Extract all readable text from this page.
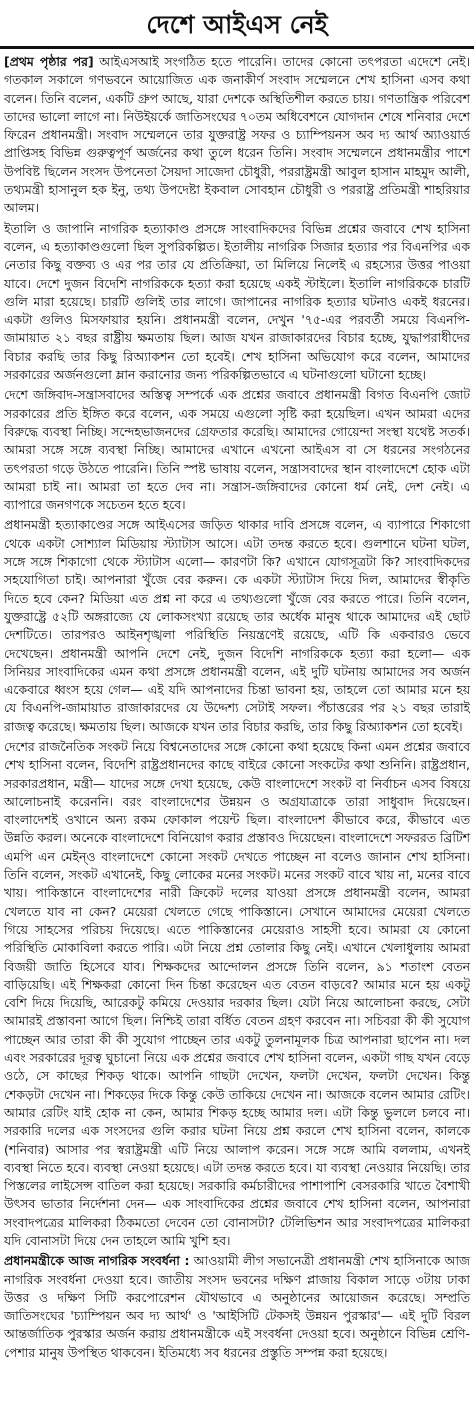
দেশে আইএস নেই

[প্রথম পৃষ্ঠার পর] আইএসআই সংগঠিত হতে পারেনি। তাদের কোনো তৎপরতা এদেশে নেই। গতকাল সকালে গণভবনে আয়োজিত এক জনাকীর্ণ সংবাদ সম্মেলনে শেখ হাসিনা এসব কথা বলেন। তিনি বলেন, একটি গ্রুপ আছে, যারা দেশকে অস্থিতিশীল করতে চায়। গণতান্ত্রিক পরিবেশ তাদের ভালো লাগে না। নিউইয়র্কে জাতিসংঘের ৭০তম অধিবেশনে যোগদান শেষে শনিবার দেশে ফিরেন প্রধানমন্ত্রী। সংবাদ সম্মেলনে তার যুক্তরাষ্ট্র সফর ও চ্যাম্পিয়নস অব দ্য আর্থ অ্যাওয়ার্ড প্রাপ্তিসহ বিভিন্ন গুরুত্বপূর্ণ অর্জনের কথা তুলে ধরেন তিনি। সংবাদ সম্মেলনে প্রধানমন্ত্রীর পাশে উপবিষ্ট ছিলেন সংসদ উপনেতা সৈয়দা সাজেদা চৌধুরী, পররাষ্ট্রমন্ত্রী আবুল হাসান মাহমুদ আলী, তথ্যমন্ত্রী হাসানুল হক ইনু, তথ্য উপদেষ্টা ইকবাল সোবহান চৌধুরী ও পররাষ্ট্র প্রতিমন্ত্রী শাহরিয়ার আলম।

ইতালি ও জাপানি নাগরিক হত্যাকাণ্ড প্রসঙ্গে সাংবাদিকদের বিভিন্ন প্রশ্নের জবাবে শেখ হাসিনা বলেন, এ হত্যাকাণ্ডগুলো ছিল সুপরিকল্পিত। ইতালীয় নাগরিক সিজার হত্যার পর বিএনপির এক নেতার কিছু বক্তব্য ও এর পর তার যে প্রতিক্রিয়া, তা মিলিয়ে নিলেই এ রহস্যের উত্তর পাওয়া যাবে। দেশে দুজন বিদেশি নাগরিককে হত্যা করা হয়েছে একই স্টাইলে। ইতালি নাগরিককে চারটি গুলি মারা হয়েছে। চারটি গুলিই তার লাগে। জাপানের নাগরিক হত্যার ঘটনাও একই ধরনের। একটা গুলিও মিসফায়ার হয়নি। প্রধানমন্ত্রী বলেন, দেখুন '৭৫-এর পরবর্তী সময়ে বিএনপি-জামায়াত ২১ বছর রাষ্ট্রীয় ক্ষমতায় ছিল। আজ যখন রাজাকারদের বিচার হচ্ছে, যুদ্ধাপরাধীদের বিচার করছি তার কিছু রিঅ্যাকশন তো হবেই। শেখ হাসিনা অভিযোগ করে বলেন, আমাদের সরকারের অর্জনগুলো ম্লান করানোর জন্য পরিকল্পিতভাবে এ ঘটনাগুলো ঘটানো হচ্ছে।

দেশে জঙ্গিবাদ-সন্ত্রাসবাদের অস্তিত্ব সম্পর্কে এক প্রশ্নের জবাবে প্রধানমন্ত্রী বিগত বিএনপি জোট সরকারের প্রতি ইঙ্গিত করে বলেন, এক সময়ে এগুলো সৃষ্টি করা হয়েছিল। এখন আমরা এদের বিরুদ্ধে ব্যবস্থা নিচ্ছি। সন্দেহভাজনদের গ্রেফতার করেছি। আমাদের গোয়েন্দা সংস্থা যথেষ্ট সতর্ক। আমরা সঙ্গে সঙ্গে ব্যবস্থা নিচ্ছি। আমাদের এখানে এখনো আইএস বা সে ধরনের সংগঠনের তৎপরতা গড়ে উঠতে পারেনি। তিনি স্পষ্ট ভাষায় বলেন, সন্ত্রাসবাদের স্থান বাংলাদেশে হোক এটা আমরা চাই না। আমরা তা হতে দেব না। সন্ত্রাস-জঙ্গিবাদের কোনো ধর্ম নেই, দেশ নেই। এ ব্যাপারে জনগণকে সচেতন হতে হবে।

প্রধানমন্ত্রী হত্যাকাণ্ডের সঙ্গে আইএসের জড়িত থাকার দাবি প্রসঙ্গে বলেন, এ ব্যাপারে শিকাগো থেকে একটা সোশ্যাল মিডিয়ায় স্ট্যাটাস আসে। এটা তদন্ত করতে হবে। গুলশানে ঘটনা ঘটল, সঙ্গে সঙ্গে শিকাগো থেকে স্ট্যাটাস এলো— কারণটা কি? এখানে যোগসূত্রটা কি? সাংবাদিকদের সহযোগিতা চাই। আপনারা খুঁজে বের করুন। কে একটা স্ট্যাটাস দিয়ে দিল, আমাদের স্বীকৃতি দিতে হবে কেন? মিডিয়া এত প্রশ্ন না করে এ তথ্যগুলো খুঁজে বের করতে পারে। তিনি বলেন, যুক্তরাষ্ট্রে ৫২টি অঙ্গরাজ্যে যে লোকসংখ্যা রয়েছে তার অর্ধেক মানুষ থাকে আমাদের এই ছোট দেশটিতে। তারপরও আইনশৃঙ্খলা পরিস্থিতি নিয়ন্ত্রণেই রয়েছে, এটি কি একবারও ভেবে দেখেছেন। প্রধানমন্ত্রী আপনি দেশে নেই, দুজন বিদেশি নাগরিককে হত্যা করা হলো— এক সিনিয়র সাংবাদিকের এমন কথা প্রসঙ্গে প্রধানমন্ত্রী বলেন, এই দুটি ঘটনায় আমাদের সব অর্জন একেবারে ধ্বংস হয়ে গেল— এই যদি আপনাদের চিন্তা ভাবনা হয়, তাহলে তো আমার মনে হয় যে বিএনপি-জামায়াত রাজাকারদের যে উদ্দেশ্য সেটাই সফল। পঁচাত্তরের পর ২১ বছর তারাই রাজত্ব করেছে। ক্ষমতায় ছিল। আজকে যখন তার বিচার করছি, তার কিছু রিঅ্যাকশন তো হবেই।

দেশের রাজনৈতিক সংকট নিয়ে বিশ্বনেতাদের সঙ্গে কোনো কথা হয়েছে কিনা এমন প্রশ্নের জবাবে শেখ হাসিনা বলেন, বিদেশি রাষ্ট্রপ্রধানদের কাছে বাইরে কোনো সংকটের কথা শুনিনি। রাষ্ট্রপ্রধান, সরকারপ্রধান, মন্ত্রী— যাদের সঙ্গে দেখা হয়েছে, কেউ বাংলাদেশে সংকট বা নির্বাচন এসব বিষয়ে আলোচনাই করেননি। বরং বাংলাদেশের উন্নয়ন ও অগ্রযাত্রাকে তারা সাধুবাদ দিয়েছেন। বাংলাদেশই ওখানে অন্য রকম ফোকাল পয়েন্ট ছিল। বাংলাদেশ কীভাবে করে, কীভাবে এত উন্নতি করল। অনেকে বাংলাদেশে বিনিয়োগ করার প্রস্তাবও দিয়েছেন। বাংলাদেশে সফররত ব্রিটিশ এমপি এন মেইন্ও বাংলাদেশে কোনো সংকট দেখতে পাচ্ছেন না বলেও জানান শেখ হাসিনা। তিনি বলেন, সংকট এখানেই, কিছু লোকের মনের সংকট। মনের সংকট বাবে খায় না, মনের বাবে খায়। পাকিস্তানে বাংলাদেশের নারী ক্রিকেট দলের যাওয়া প্রসঙ্গে প্রধানমন্ত্রী বলেন, আমরা খেলতে যাব না কেন? মেয়েরা খেলতে গেছে পাকিস্তানে। সেখানে আমাদের মেয়েরা খেলতে গিয়ে সাহসের পরিচয় দিয়েছে। এতে পাকিস্তানের মেয়েরাও সাহসী হবে। আমরা যে কোনো পরিস্থিতি মোকাবিলা করতে পারি। এটা নিয়ে প্রশ্ন তোলার কিছু নেই। এখানে খেলাধুলায় আমরা বিজয়ী জাতি হিসেবে যাব। শিক্ষকদের আন্দোলন প্রসঙ্গে তিনি বলেন, ৯১ শতাংশ বেতন বাড়িয়েছি। এই শিক্ষকরা কোনো দিন চিন্তা করেছেন এত বেতন বাড়বে? আমার মনে হয় একটু বেশি দিয়ে দিয়েছি, আরেকটু কমিয়ে দেওয়ার দরকার ছিল। যেটা নিয়ে আলোচনা করছে, সেটা আমারই প্রস্তাবনা আগে ছিল। নিশ্চিই তারা বর্ধিত বেতন গ্রহণ করবেন না। সচিবরা কী কী সুযোগ পাচ্ছেন আর তারা কী কী সুযোগ পাচ্ছেন তার একটু তুলনামূলক চিত্র আপনারা ছাপেন না। দল এবং সরকারের দূরত্ব ঘুচানো নিয়ে এক প্রশ্নের জবাবে শেখ হাসিনা বলেন, একটা গাছ যখন বেড়ে ওঠে, সে কাছের শিকড় থাকে। আপনি গাছটা দেখেন, ফলটা দেখেন, ফলটা দেখেন। কিন্তু শেকড়টা দেখেন না। শিকড়ের দিকে কিন্তু কেউ তাকিয়ে দেখেন না। আজকে বলেন আমার রেটিং। আমার রেটিং যাই হোক না কেন, আমার শিকড় হচ্ছে আমার দল। এটা কিন্তু ভুললে চলবে না। সরকারি দলের এক সংসদের গুলি করার ঘটনা নিয়ে প্রশ্ন করলে শেখ হাসিনা বলেন, কালকে (শনিবার) আসার পর স্বরাষ্ট্রমন্ত্রী এটি নিয়ে আলাপ করেন। সঙ্গে সঙ্গে আমি বললাম, এখনই ব্যবস্থা নিতে হবে। ব্যবস্থা নেওয়া হয়েছে। এটা তদন্ত করতে হবে। যা ব্যবস্থা নেওয়ার নিয়েছি। তার পিস্তলের লাইসেন্স বাতিল করা হয়েছে। সরকারি কর্মচারীদের পাশাপাশি বেসরকারি খাতে বৈশাখী উৎসব ভাতার নির্দেশনা দেন— এক সাংবাদিকের প্রশ্নের জবাবে শেখ হাসিনা বলেন, আপনারা সংবাদপত্রের মালিকরা ঠিকমতো দেবেন তো বোনাসটা? টেলিভিশন আর সংবাদপত্রের মালিকরা যদি বোনাসটা দিয়ে দেন তাহলে আমি খুশি হব।

প্রধানমন্ত্রীকে আজ নাগরিক সংবর্ধনা : আওয়ামী লীগ সভানেত্রী প্রধানমন্ত্রী শেখ হাসিনাকে আজ নাগরিক সংবর্ধনা দেওয়া হবে। জাতীয় সংসদ ভবনের দক্ষিণ প্লাজায় বিকাল সাড়ে ৩টায় ঢাকা উত্তর ও দক্ষিণ সিটি করপোরেশন যৌথভাবে এ অনুষ্ঠানের আয়োজন করেছে। সম্প্রতি জাতিসংঘের 'চ্যাম্পিয়ন অব দ্য আর্থ' ও 'আইসিটি টেকসই উন্নয়ন পুরস্কার'— এই দুটি বিরল আন্তর্জাতিক পুরস্কার অর্জন করায় প্রধানমন্ত্রীকে এই সংবর্ধনা দেওয়া হবে। অনুষ্ঠানে বিভিন্ন শ্রেণি-পেশার মানুষ উপস্থিত থাকবেন। ইতিমধ্যে সব ধরনের প্রস্তুতি সম্পন্ন করা হয়েছে।
